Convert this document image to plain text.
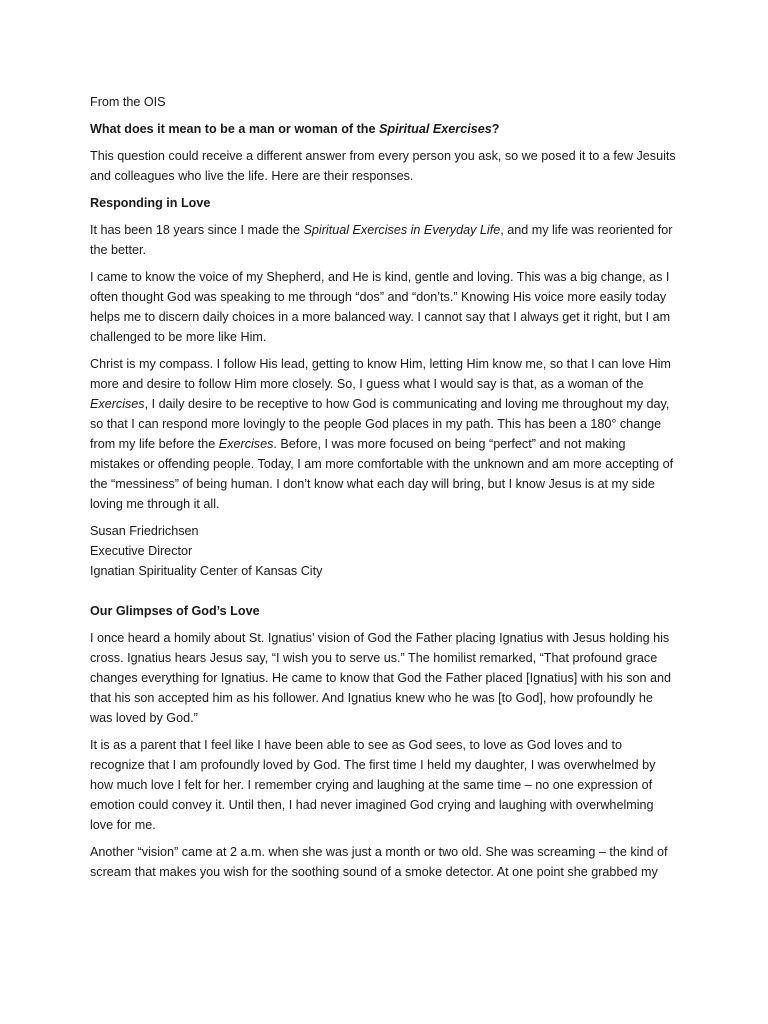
From the OIS

What does it mean to be a man or woman of the Spiritual Exercises?

This question could receive a different answer from every person you ask, so we posed it to a few Jesuits and colleagues who live the life. Here are their responses.

Responding in Love

It has been 18 years since I made the Spiritual Exercises in Everyday Life, and my life was reoriented for the better.

I came to know the voice of my Shepherd, and He is kind, gentle and loving. This was a big change, as I often thought God was speaking to me through “dos” and “don’ts.” Knowing His voice more easily today helps me to discern daily choices in a more balanced way. I cannot say that I always get it right, but I am challenged to be more like Him.

Christ is my compass. I follow His lead, getting to know Him, letting Him know me, so that I can love Him more and desire to follow Him more closely. So, I guess what I would say is that, as a woman of the Exercises, I daily desire to be receptive to how God is communicating and loving me throughout my day, so that I can respond more lovingly to the people God places in my path. This has been a 180° change from my life before the Exercises. Before, I was more focused on being “perfect” and not making mistakes or offending people. Today, I am more comfortable with the unknown and am more accepting of the “messiness” of being human. I don’t know what each day will bring, but I know Jesus is at my side loving me through it all.

Susan Friedrichsen

Executive Director

Ignatian Spirituality Center of Kansas City

Our Glimpses of God’s Love

I once heard a homily about St. Ignatius’ vision of God the Father placing Ignatius with Jesus holding his cross. Ignatius hears Jesus say, “I wish you to serve us.” The homilist remarked, “That profound grace changes everything for Ignatius. He came to know that God the Father placed [Ignatius] with his son and that his son accepted him as his follower. And Ignatius knew who he was [to God], how profoundly he was loved by God.”

It is as a parent that I feel like I have been able to see as God sees, to love as God loves and to recognize that I am profoundly loved by God. The first time I held my daughter, I was overwhelmed by how much love I felt for her. I remember crying and laughing at the same time – no one expression of emotion could convey it. Until then, I had never imagined God crying and laughing with overwhelming love for me.

Another “vision” came at 2 a.m. when she was just a month or two old. She was screaming – the kind of scream that makes you wish for the soothing sound of a smoke detector. At one point she grabbed my
